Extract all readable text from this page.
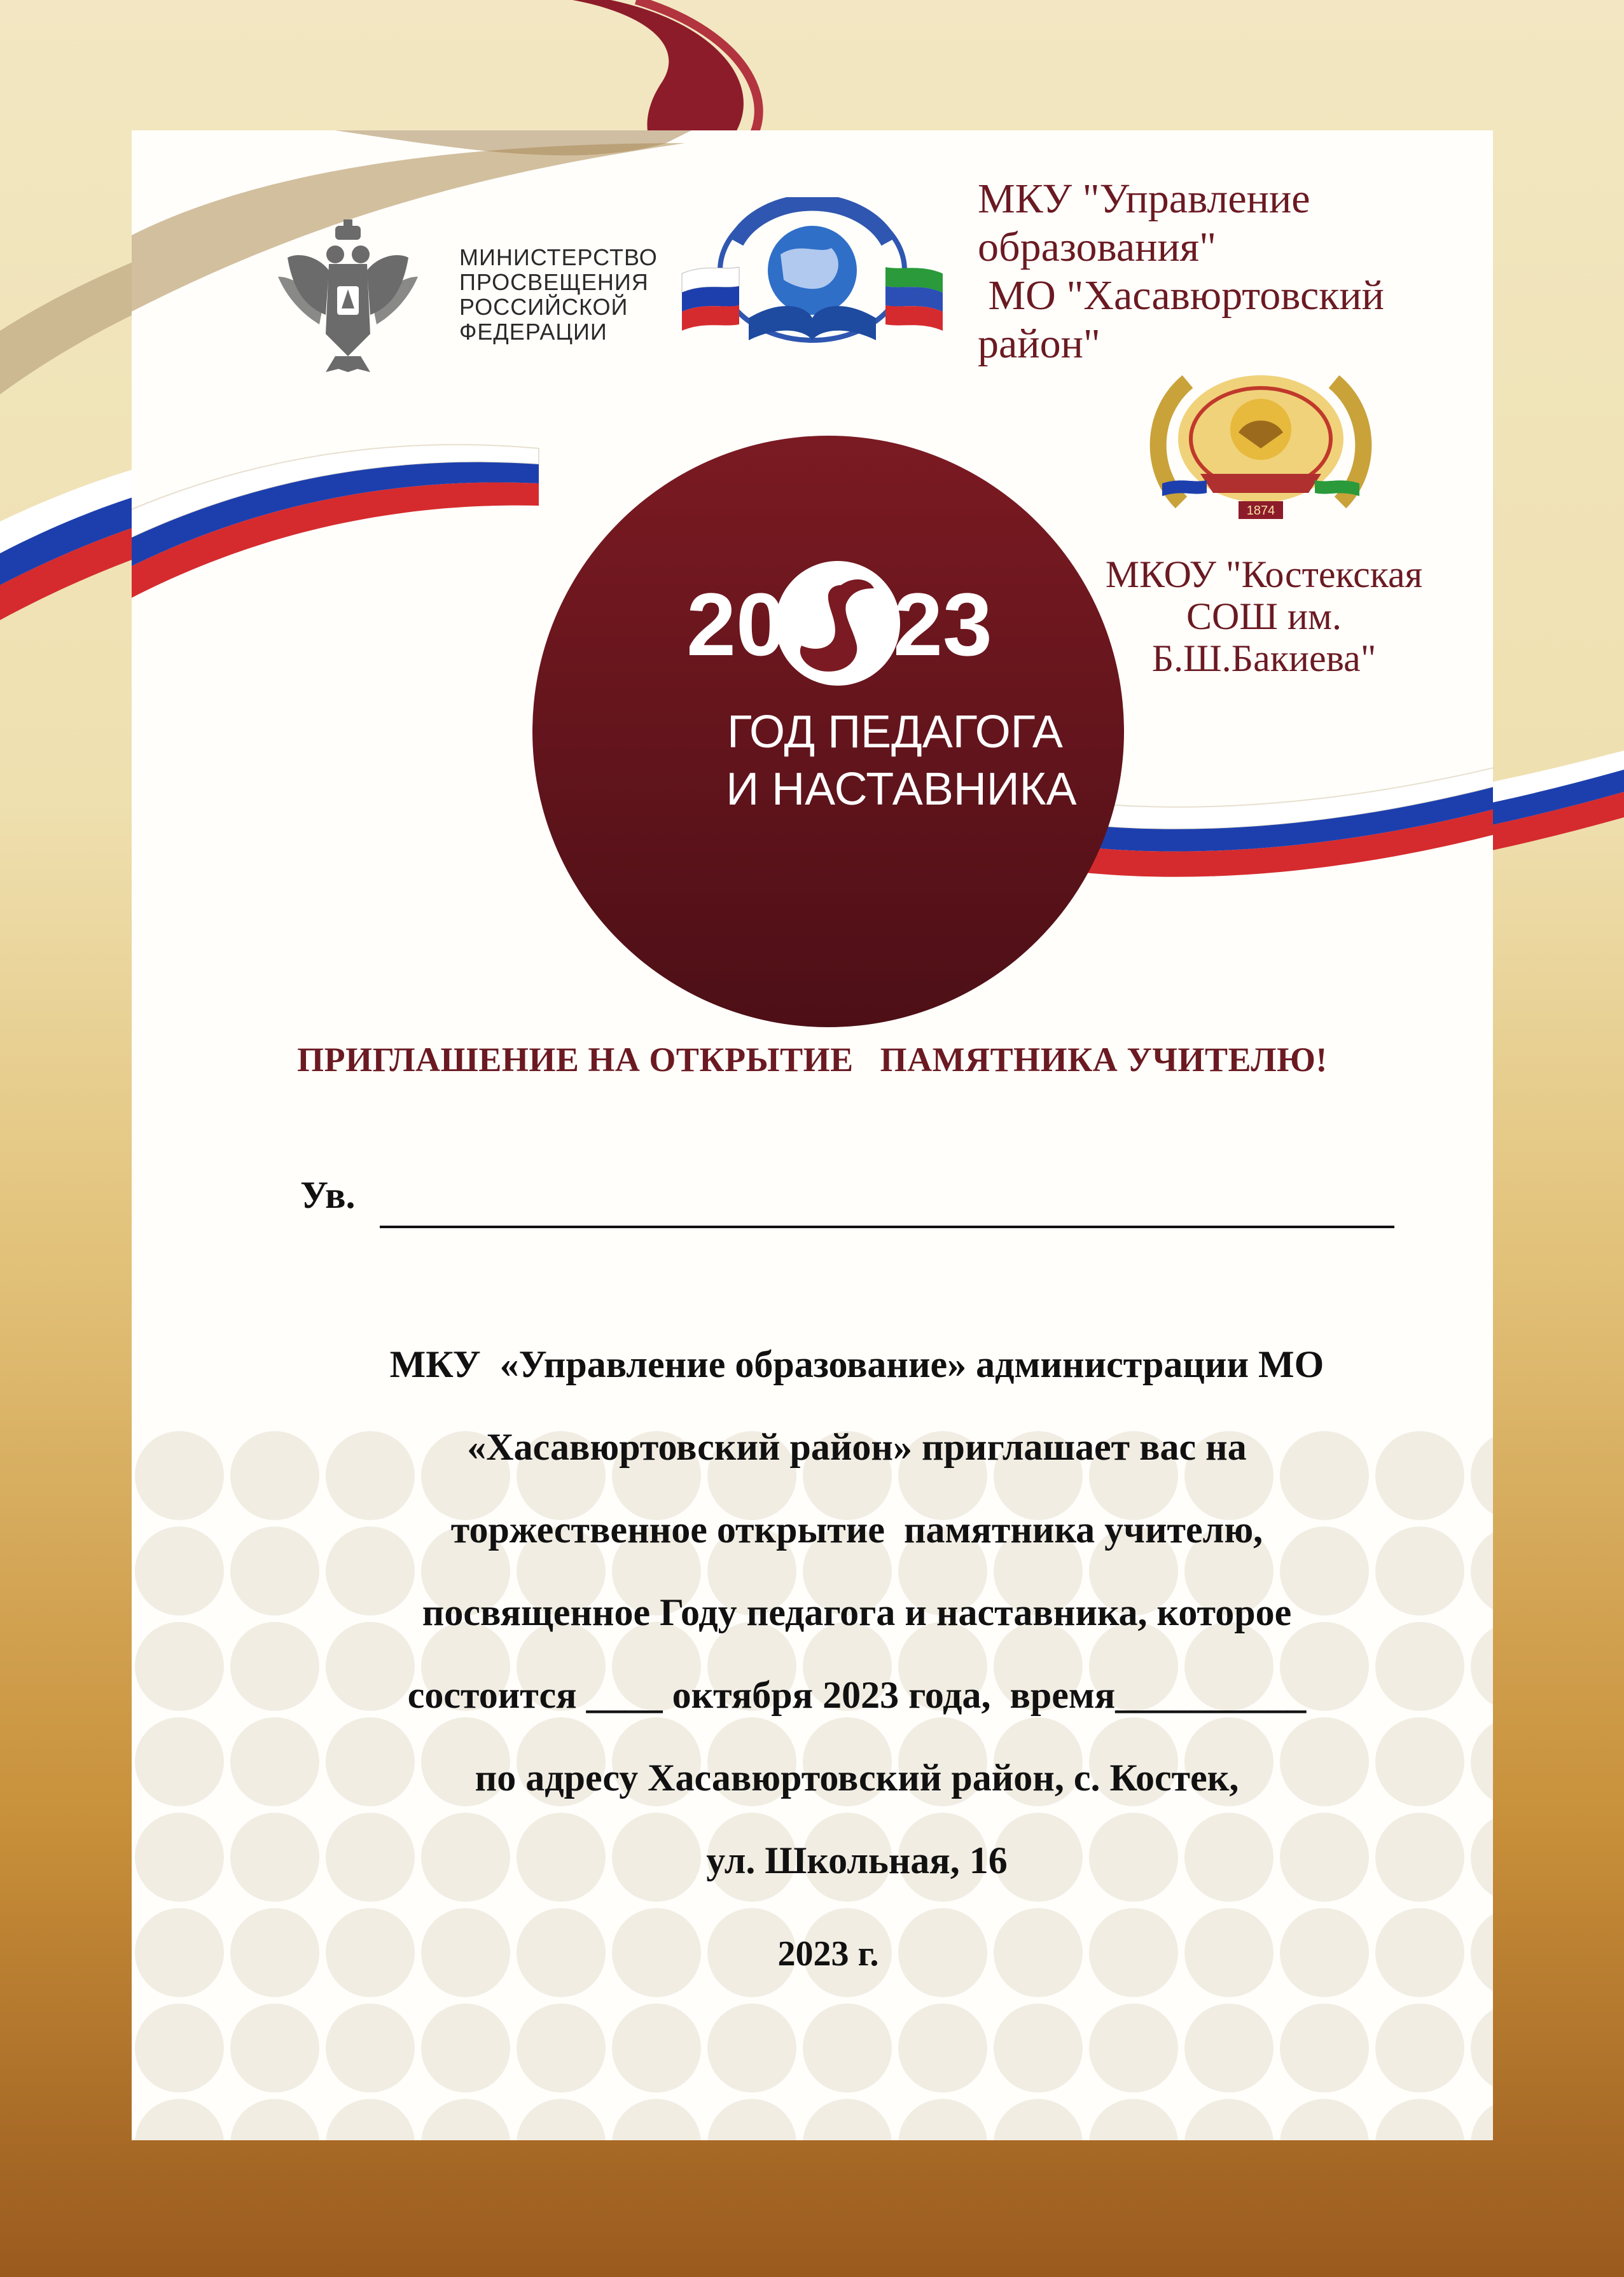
МИНИСТЕРСТВО
ПРОСВЕЩЕНИЯ
РОССИЙСКОЙ
ФЕДЕРАЦИИ
МКУ "Управление
образования"
МО "Хасавюртовский
район"
1874
МКОУ "Костекская
СОШ им.
Б.Ш.Бакиева"
20 23
ГОД ПЕДАГОГА
И НАСТАВНИКА
ПРИГЛАШЕНИЕ НА ОТКРЫТИЕ   ПАМЯТНИКА УЧИТЕЛЮ!
Ув.
МКУ  «Управление образование» администрации МО
«Хасавюртовский район» приглашает вас на
торжественное открытие  памятника учителю,
посвященное Году педагога и наставника, которое
состоится ____ октября 2023 года,  время__________
по адресу Хасавюртовский район, с. Костек,
ул. Школьная, 16
2023 г.
